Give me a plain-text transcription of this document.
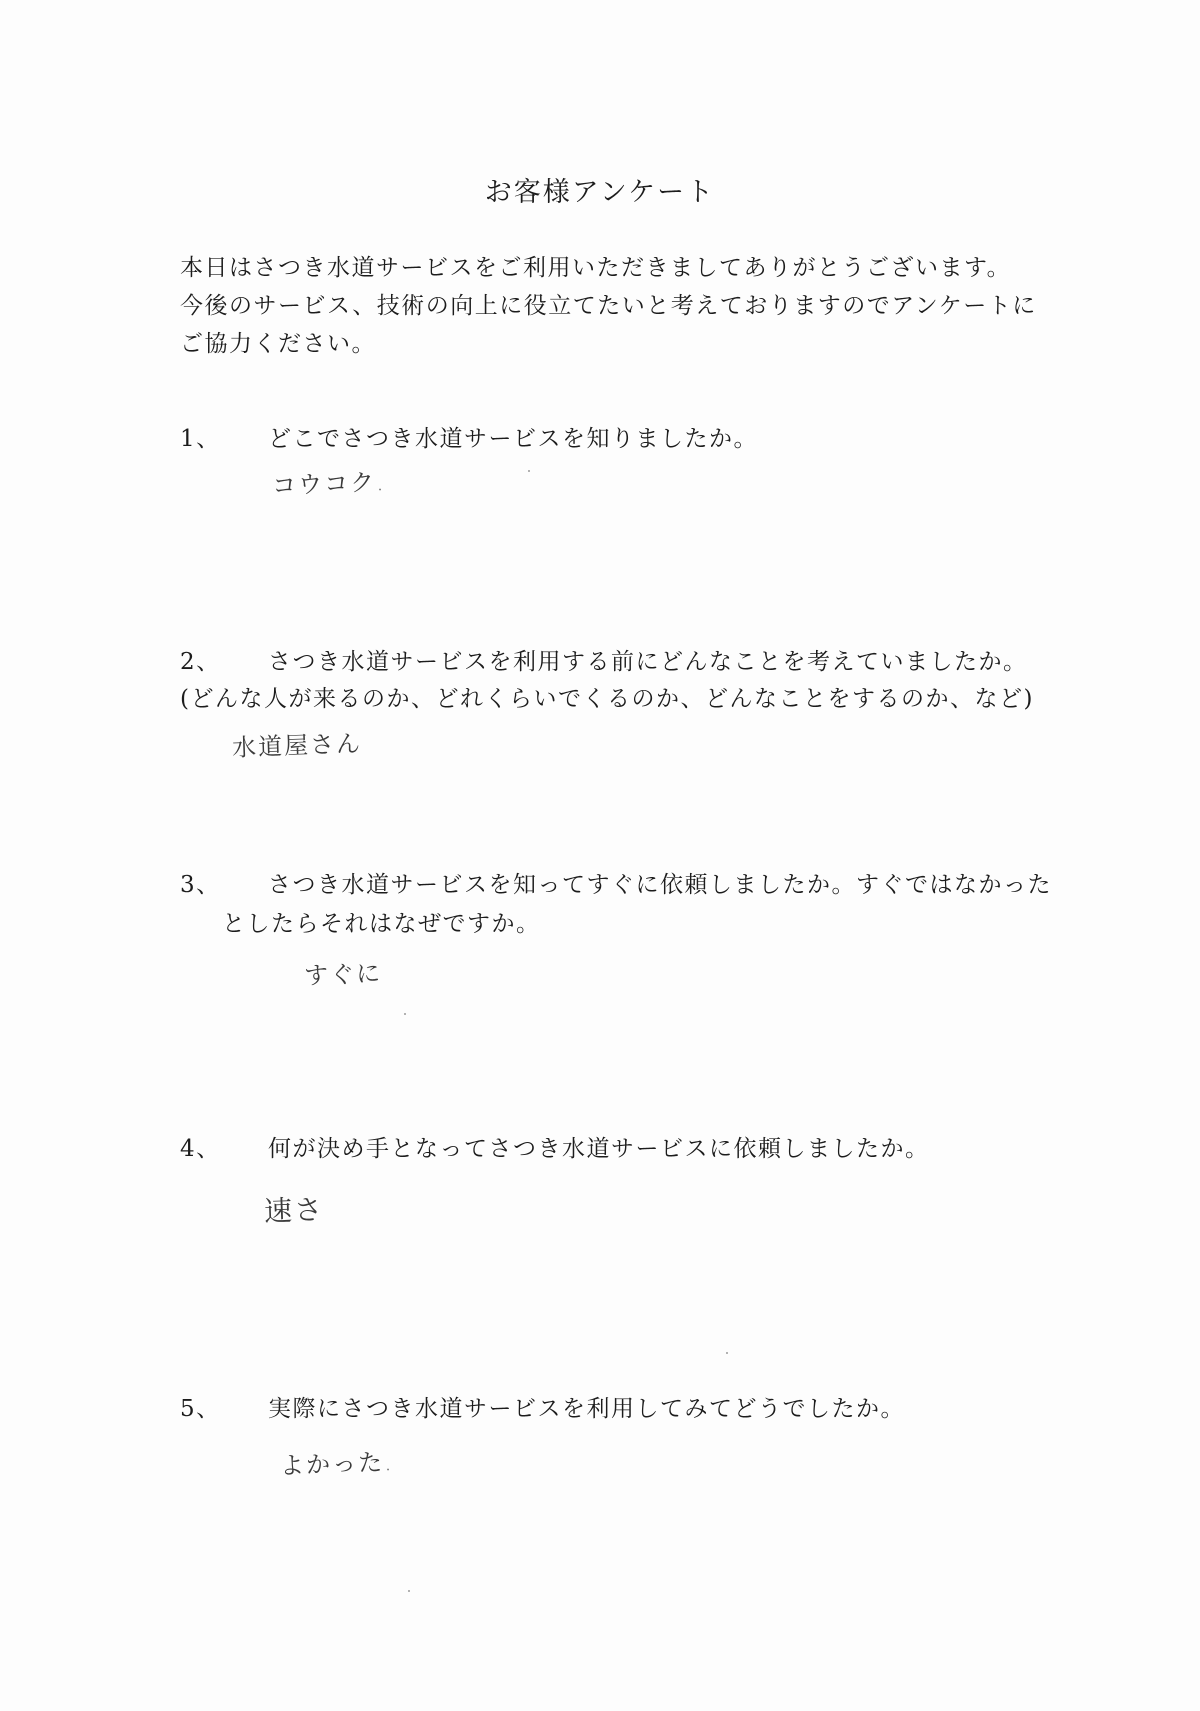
お客様アンケート
本日はさつき水道サービスをご利用いただきましてありがとうございます。
今後のサービス、技術の向上に役立てたいと考えておりますのでアンケートに
ご協力ください。
1、 どこでさつき水道サービスを知りましたか。
コウコク.
2、 さつき水道サービスを利用する前にどんなことを考えていましたか。
(どんな人が来るのか、どれくらいでくるのか、どんなことをするのか、など)
水道屋さん
3、 さつき水道サービスを知ってすぐに依頼しましたか。すぐではなかった
としたらそれはなぜですか。
すぐに
4、 何が決め手となってさつき水道サービスに依頼しましたか。
速さ
5、 実際にさつき水道サービスを利用してみてどうでしたか。
よかった.
